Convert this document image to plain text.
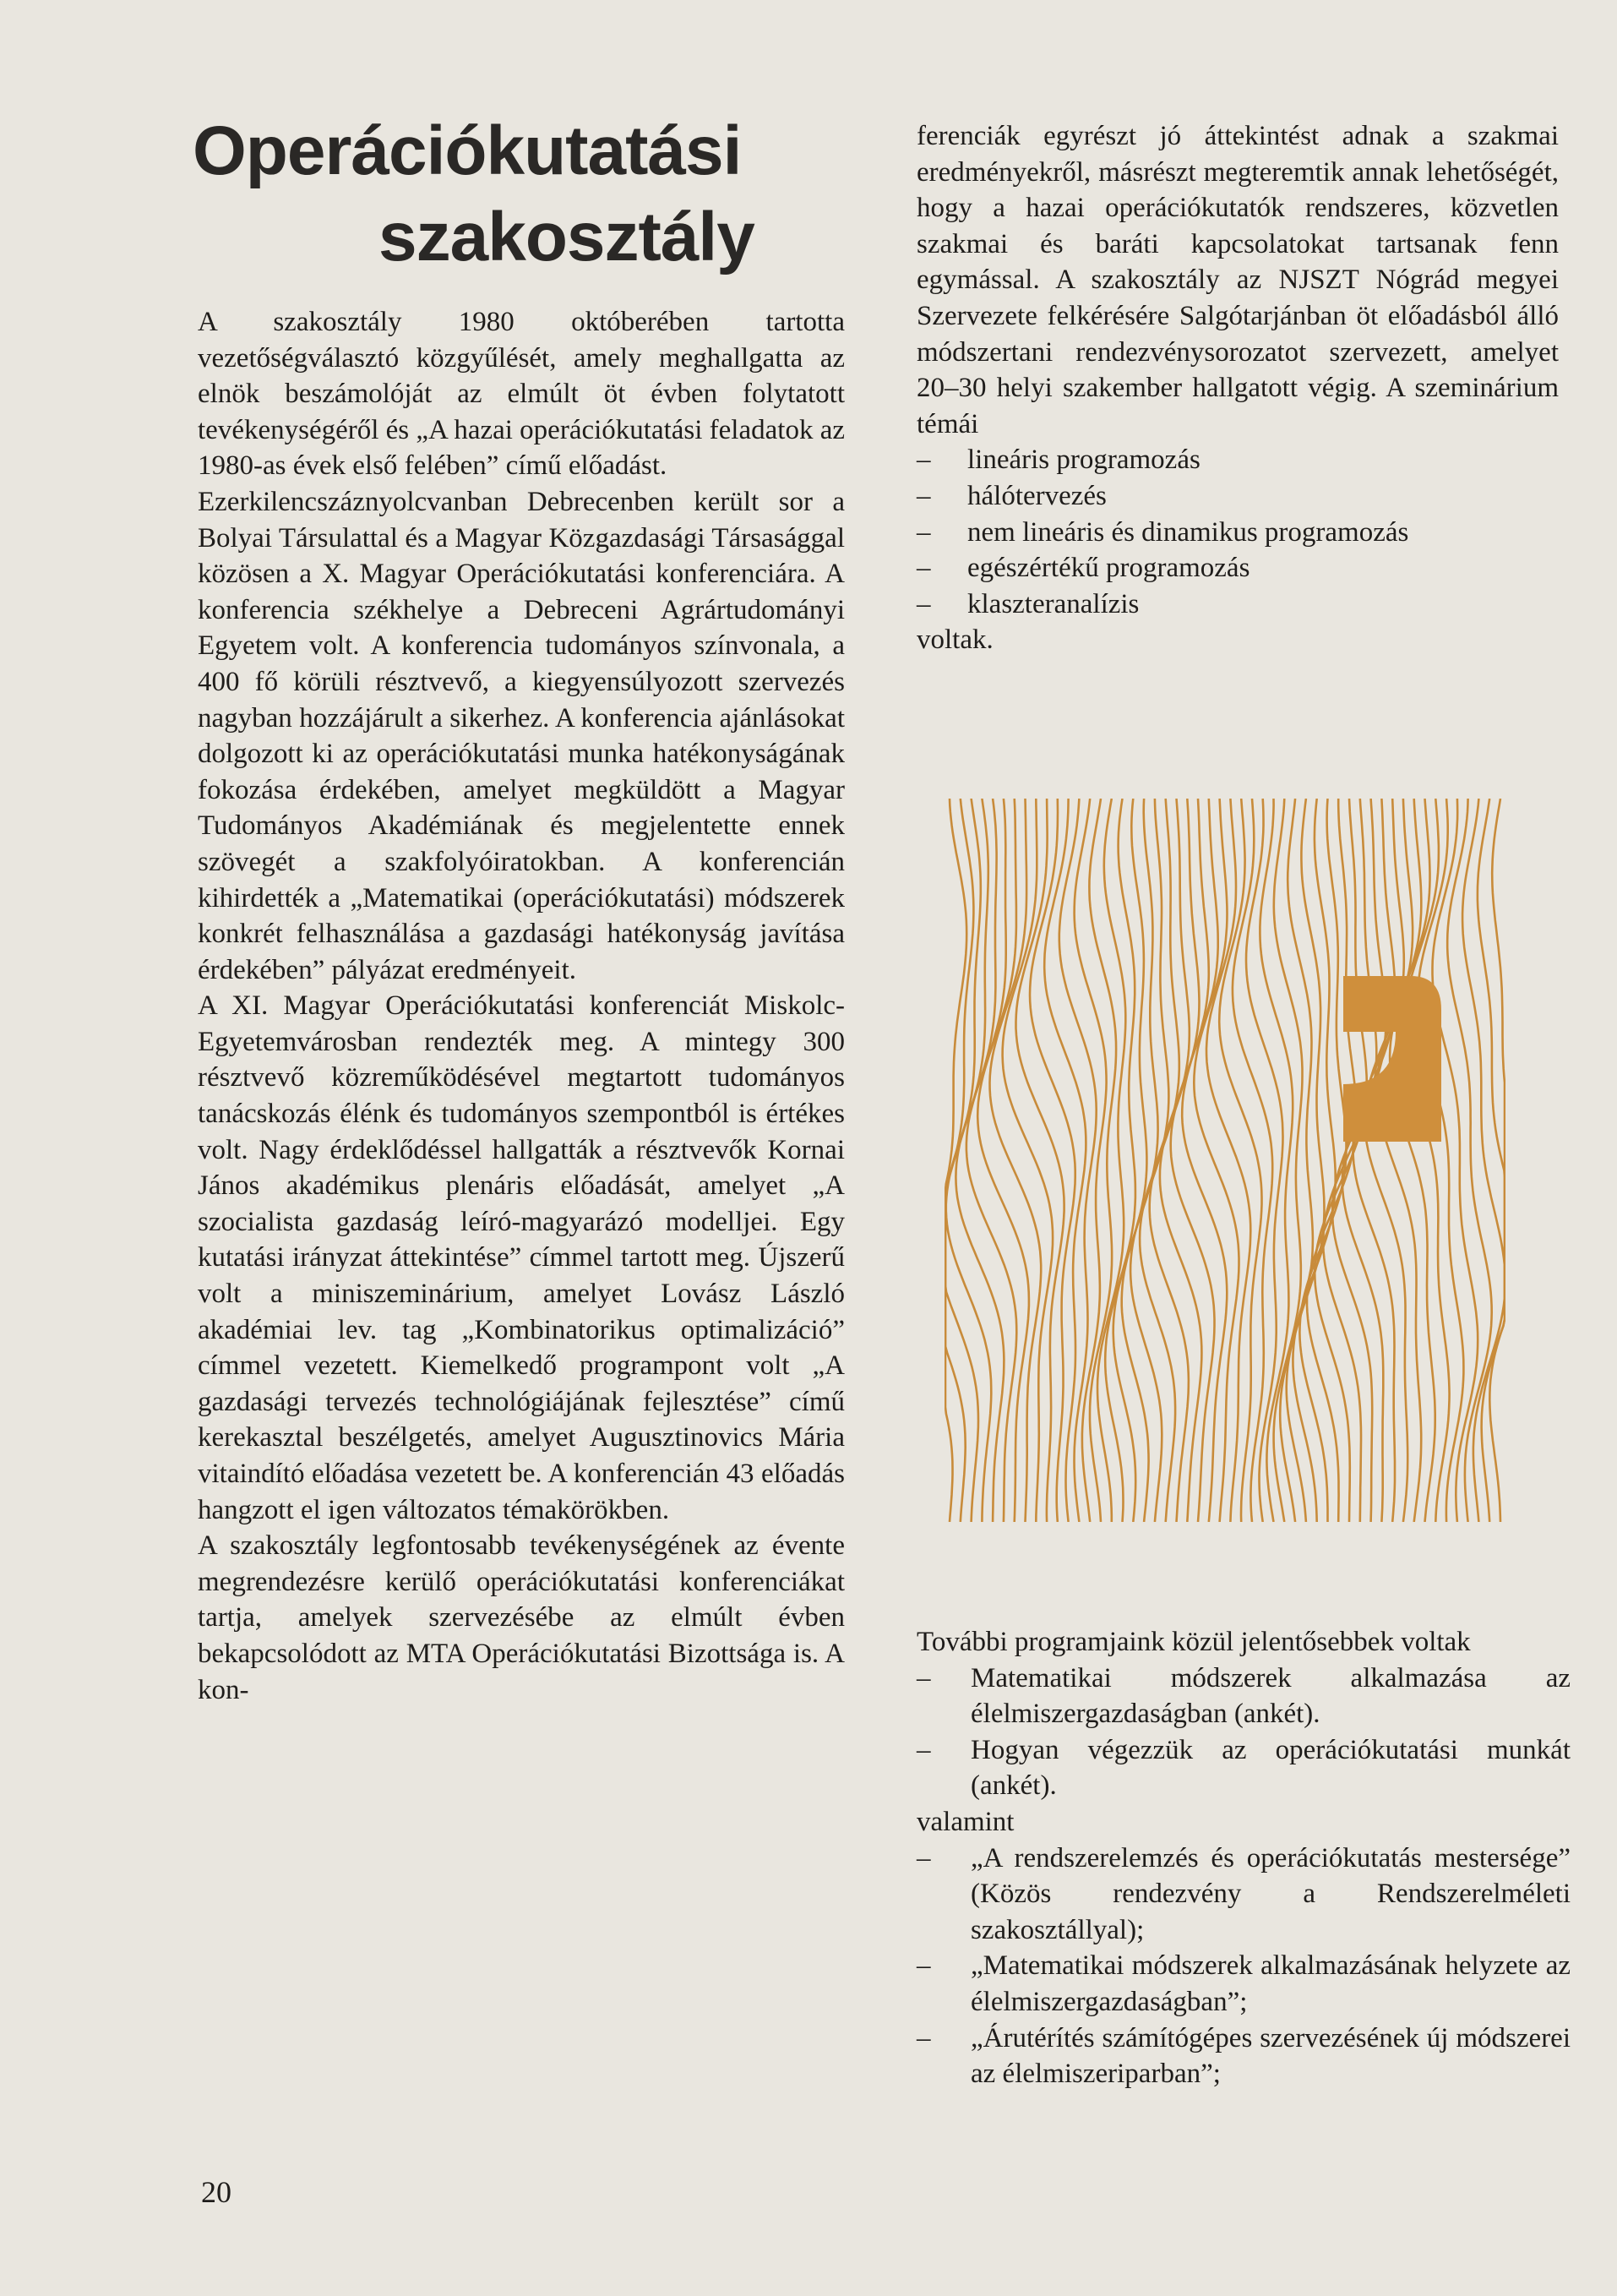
Operációkutatási
szakosztály

A szakosztály 1980 októberében tartotta vezetőségválasztó közgyűlését, amely meghallgatta az elnök beszámolóját az elmúlt öt évben folytatott tevékenységéről és „A hazai operációkutatási feladatok az 1980-as évek első felében” című előadást.

Ezerkilencszáznyolcvanban Debrecenben került sor a Bolyai Társulattal és a Magyar Közgazdasági Társasággal közösen a X. Magyar Operációkutatási konferenciára. A konferencia székhelye a Debreceni Agrártudományi Egyetem volt. A konferencia tudományos színvonala, a 400 fő körüli résztvevő, a kiegyensúlyozott szervezés nagyban hozzájárult a sikerhez. A konferencia ajánlásokat dolgozott ki az operációkutatási munka hatékonyságának fokozása érdekében, amelyet megküldött a Magyar Tudományos Akadémiának és megjelentette ennek szövegét a szakfolyóiratokban. A konferencián kihirdették a „Matematikai (operációkutatási) módszerek konkrét felhasználása a gazdasági hatékonyság javítása érdekében” pályázat eredményeit.

A XI. Magyar Operációkutatási konferenciát Miskolc- Egyetemvárosban rendezték meg. A mintegy 300 résztvevő közreműködésével megtartott tudományos tanácskozás élénk és tudományos szempontból is értékes volt. Nagy érdeklődéssel hallgatták a résztvevők Kornai János akadémikus plenáris előadását, amelyet „A szocialista gazdaság leíró-magyarázó modelljei. Egy kutatási irányzat áttekintése” címmel tartott meg. Újszerű volt a miniszeminárium, amelyet Lovász László akadémiai lev. tag „Kombinatorikus optimalizáció” címmel vezetett. Kiemelkedő programpont volt „A gazdasági tervezés technológiájának fejlesztése” című kerekasztal beszélgetés, amelyet Augusztinovics Mária vitaindító előadása vezetett be. A konferencián 43 előadás hangzott el igen változatos témakörökben.

A szakosztály legfontosabb tevékenységének az évente megrendezésre kerülő operációkutatási konferenciákat tartja, amelyek szervezésébe az elmúlt évben bekapcsolódott az MTA Operációkutatási Bizottsága is. A kon-

ferenciák egyrészt jó áttekintést adnak a szakmai eredményekről, másrészt megteremtik annak lehetőségét, hogy a hazai operációkutatók rendszeres, közvetlen szakmai és baráti kapcsolatokat tartsanak fenn egymással. A szakosztály az NJSZT Nógrád megyei Szervezete felkérésére Salgótarjánban öt előadásból álló módszertani rendezvénysorozatot szervezett, amelyet 20–30 helyi szakember hallgatott végig. A szeminárium témái

– lineáris programozás
– hálótervezés
– nem lineáris és dinamikus programozás
– egészértékű programozás
– klaszteranalízis

voltak.

További programjaink közül jelentősebbek voltak

– Matematikai módszerek alkalmazása az élelmiszergazdaságban (ankét).
– Hogyan végezzük az operációkutatási munkát (ankét).

valamint

– „A rendszerelemzés és operációkutatás mestersége” (Közös rendezvény a Rendszerelméleti szakosztállyal);
– „Matematikai módszerek alkalmazásának helyzete az élelmiszergazdaságban”;
– „Árutérítés számítógépes szervezésének új módszerei az élelmiszeriparban”;

20
